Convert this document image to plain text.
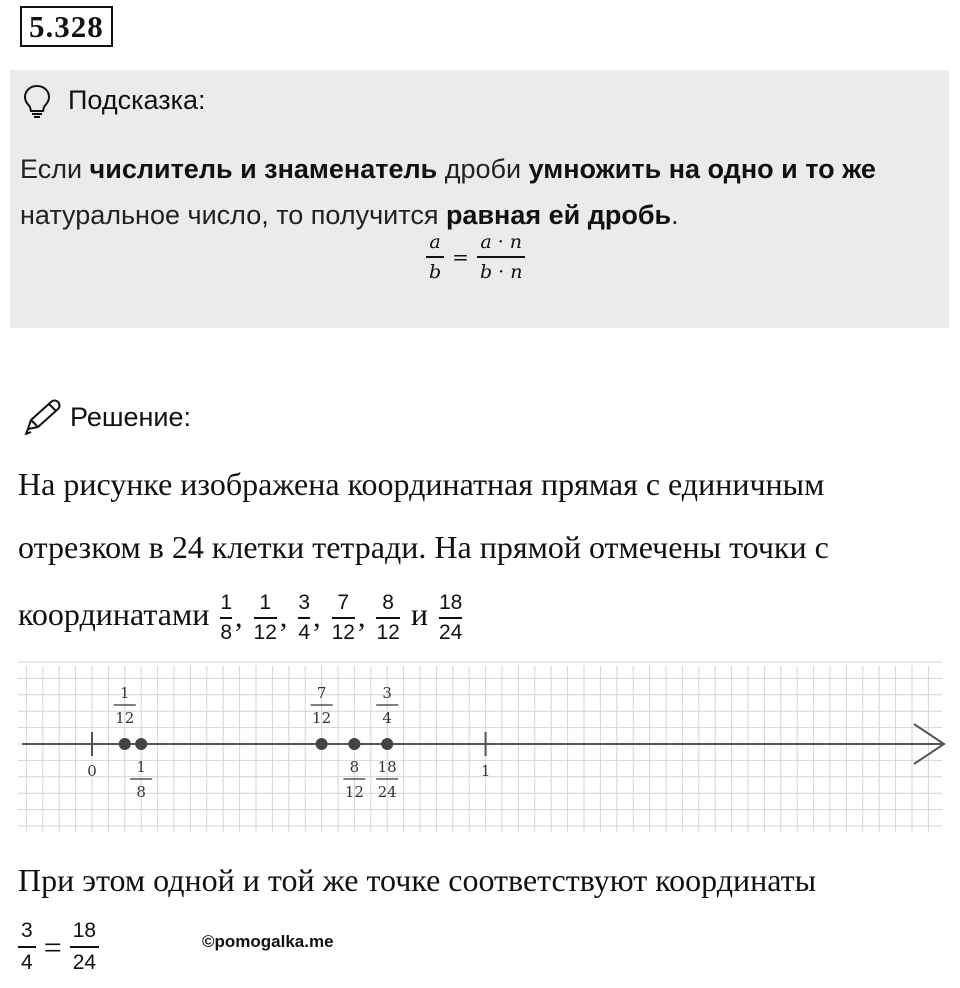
5.328
Подсказка:
Если числитель и знаменатель дроби умножить на одно и то же натуральное число, то получится равная ей дробь.
$\frac{a}{b} = \frac{a \cdot n}{b \cdot n}$
Решение:
На рисунке изображена координатная прямая с единичным
отрезком в 24 клетки тетради. На прямой отмечены точки с
координатами $\frac{1}{8}$ , $\frac{1}{12}$ , $\frac{3}{4}$ , $\frac{7}{12}$ , $\frac{8}{12}$ и $\frac{18}{24}$
0	1
1
12
1
8
7
12
8
12
3
4
18
24
При этом одной и той же точке соответствуют координаты
$\frac{3}{4} = \frac{18}{24}$	©pomogalka.me
